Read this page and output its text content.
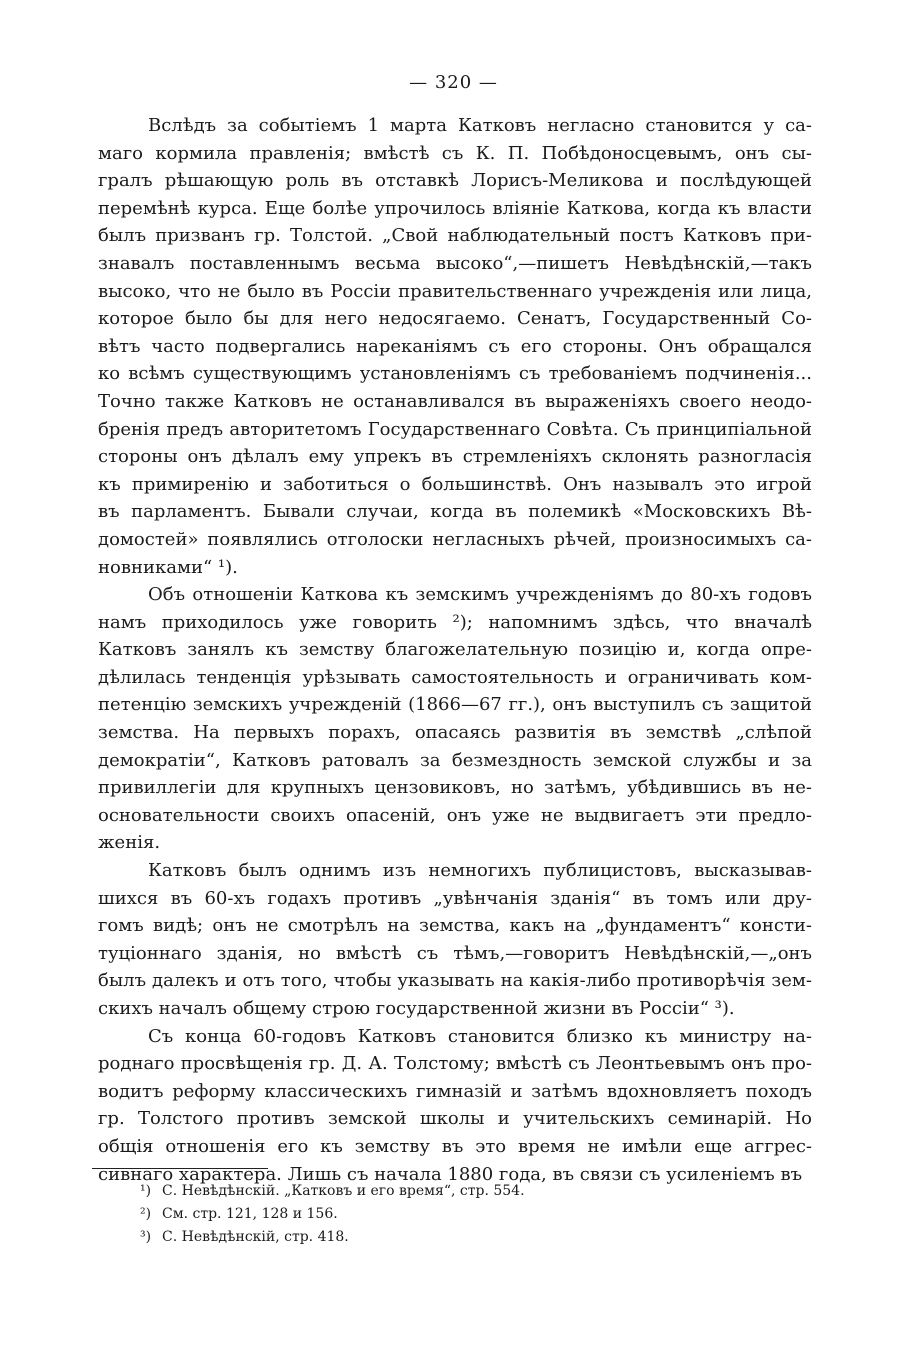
— 320 —
Вслѣдъ за событіемъ 1 марта Катковъ негласно становится у са-
маго кормила правленія; вмѣстѣ съ К. П. Побѣдоносцевымъ, онъ сы-
гралъ рѣшающую роль въ отставкѣ Лорисъ-Меликова и послѣдующей
перемѣнѣ курса. Еще болѣе упрочилось вліяніе Каткова, когда къ власти
былъ призванъ гр. Толстой. „Свой наблюдательный постъ Катковъ при-
знавалъ поставленнымъ весьма высоко“,—пишетъ Невѣдѣнскій,—такъ
высоко, что не было въ Россіи правительственнаго учрежденія или лица,
которое было бы для него недосягаемо. Сенатъ, Государственный Со-
вѣтъ часто подвергались нареканіямъ съ его стороны. Онъ обращался
ко всѣмъ существующимъ установленіямъ съ требованіемъ подчиненія...
Точно также Катковъ не останавливался въ выраженіяхъ своего неодо-
бренія предъ авторитетомъ Государственнаго Совѣта. Съ принципіальной
стороны онъ дѣлалъ ему упрекъ въ стремленіяхъ склонять разногласія
къ примиренію и заботиться о большинствѣ. Онъ называлъ это игрой
въ парламентъ. Бывали случаи, когда въ полемикѣ «Московскихъ Вѣ-
домостей» появлялись отголоски негласныхъ рѣчей, произносимыхъ са-
новниками“ ¹).
Объ отношеніи Каткова къ земскимъ учрежденіямъ до 80-хъ годовъ
намъ приходилось уже говорить ²); напомнимъ здѣсь, что вначалѣ
Катковъ занялъ къ земству благожелательную позицію и, когда опре-
дѣлилась тенденція урѣзывать самостоятельность и ограничивать ком-
петенцію земскихъ учрежденій (1866—67 гг.), онъ выступилъ съ защитой
земства. На первыхъ порахъ, опасаясь развитія въ земствѣ „слѣпой
демократіи“, Катковъ ратовалъ за безмездность земской службы и за
привиллегіи для крупныхъ цензовиковъ, но затѣмъ, убѣдившись въ не-
основательности своихъ опасеній, онъ уже не выдвигаетъ эти предло-
женія.
Катковъ былъ однимъ изъ немногихъ публицистовъ, высказывав-
шихся въ 60-хъ годахъ противъ „увѣнчанія зданія“ въ томъ или дру-
гомъ видѣ; онъ не смотрѣлъ на земства, какъ на „фундаментъ“ консти-
туціоннаго зданія, но вмѣстѣ съ тѣмъ,—говоритъ Невѣдѣнскій,—„онъ
былъ далекъ и отъ того, чтобы указывать на какія-либо противорѣчія зем-
скихъ началъ общему строю государственной жизни въ Россіи“ ³).
Съ конца 60-годовъ Катковъ становится близко къ министру на-
роднаго просвѣщенія гр. Д. А. Толстому; вмѣстѣ съ Леонтьевымъ онъ про-
водитъ реформу классическихъ гимназій и затѣмъ вдохновляетъ походъ
гр. Толстого противъ земской школы и учительскихъ семинарій. Но
общія отношенія его къ земству въ это время не имѣли еще аггрес-
сивнаго характера. Лишь съ начала 1880 года, въ связи съ усиленіемъ въ
¹) С. Невѣдѣнскій. „Катковъ и его время“, стр. 554.
²) См. стр. 121, 128 и 156.
³) С. Невѣдѣнскій, стр. 418.
